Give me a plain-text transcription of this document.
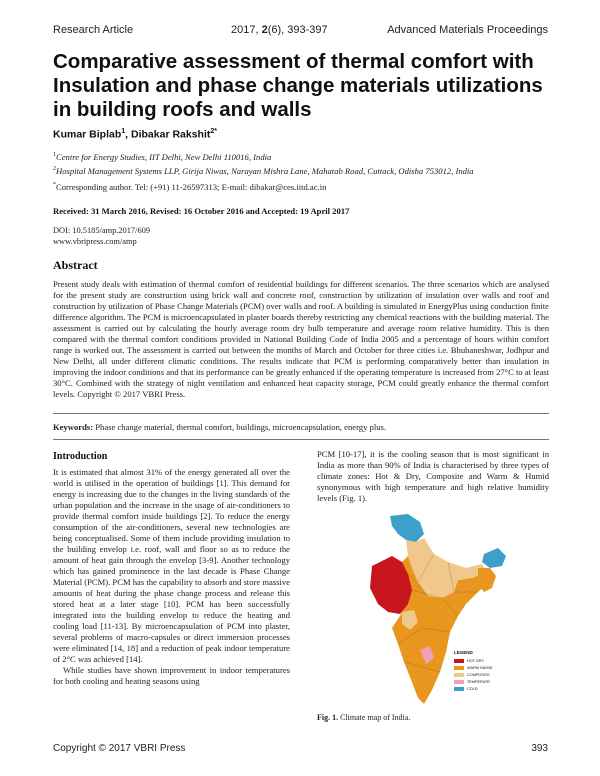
Research Article	2017, 2(6), 393-397	Advanced Materials Proceedings
Comparative assessment of thermal comfort with Insulation and phase change materials utilizations in building roofs and walls
Kumar Biplab$^1$, Dibakar Rakshit$^{2*}$
$^1$Centre for Energy Studies, IIT Delhi, New Delhi 110016, India
$^2$Hospital Management Systems LLP, Girija Niwas, Narayan Mishra Lane, Mahatab Road, Cuttack, Odisha 753012, India
*Corresponding author. Tel: (+91) 11-26597313; E-mail: dibakar@ces.iitd.ac.in
Received: 31 March 2016, Revised: 16 October 2016 and Accepted: 19 April 2017
DOI: 10.5185/amp.2017/609
www.vbripress.com/amp
Abstract

Present study deals with estimation of thermal comfort of residential buildings for different scenarios. The three scenarios which are analysed for the present study are construction using brick wall and concrete roof, construction by utilization of insulation over walls and roof and construction by utilization of Phase Change Materials (PCM) over walls and roof. A building is simulated in EnergyPlus using conduction finite difference algorithm. The PCM is microencapsulated in plaster boards thereby restricting any chemical reactions with the building material. The assessment is carried out by calculating the hourly average room dry bulb temperature and average room relative humidity. This is then compared with the thermal comfort conditions provided in National Building Code of India 2005 and a percentage of hours within comfort range is worked out. The assessment is carried out between the months of March and October for three cities i.e. Bhubaneshwar, Jodhpur and New Delhi, all under different climatic conditions. The results indicate that PCM is performing comparatively better than insulation in improving the indoor conditions and that its performance can be greatly enhanced if the operating temperature is increased from 27°C to at least 30°C. Combined with the strategy of night ventilation and enhanced heat capacity storage, PCM could greatly enhance the thermal comfort levels. Copyright © 2017 VBRI Press.

Keywords: Phase change material, thermal comfort, buildings, microencapsulation, energy plus.
Introduction

It is estimated that almost 31% of the energy generated all over the world is utilised in the operation of buildings [1]. This demand for energy is increasing due to the changes in the living standards of the urban population and the increase in the usage of air-conditioners to provide thermal comfort inside buildings [2]. To reduce the energy consumption of the air-conditioners, several new technologies are being conceptualised. Some of them include providing insulation to the building envelop i.e. roof, wall and floor so as to reduce the amount of heat gain through the envelop [3-9]. Another technology which has gained prominence in the last decade is Phase Change Material (PCM). PCM has the capability to absorb and store massive amounts of heat during the phase change process and release this stored heat at a later stage [10]. PCM has been successfully integrated into the building envelop to reduce the heating and cooling load [11-13]. By microencapsulation of PCM into plaster, several problems of macro-capsules or direct immersion processes were eliminated [14, 18] and a reduction of peak indoor temperature of 2°C was achieved [14].

While studies have shown improvement in indoor temperatures for both cooling and heating seasons using

PCM [10-17], it is the cooling season that is most significant in India as more than 90% of India is characterised by three types of climate zones: Hot & Dry, Composite and Warm & Humid synonymous with high temperature and high relative humidity levels (Fig. 1).
LEGEND
HOT DRY
WARM HUMID
COMPOSITE
TEMPERATE
COLD
Fig. 1. Climate map of India.
Copyright © 2017 VBRI Press	393
